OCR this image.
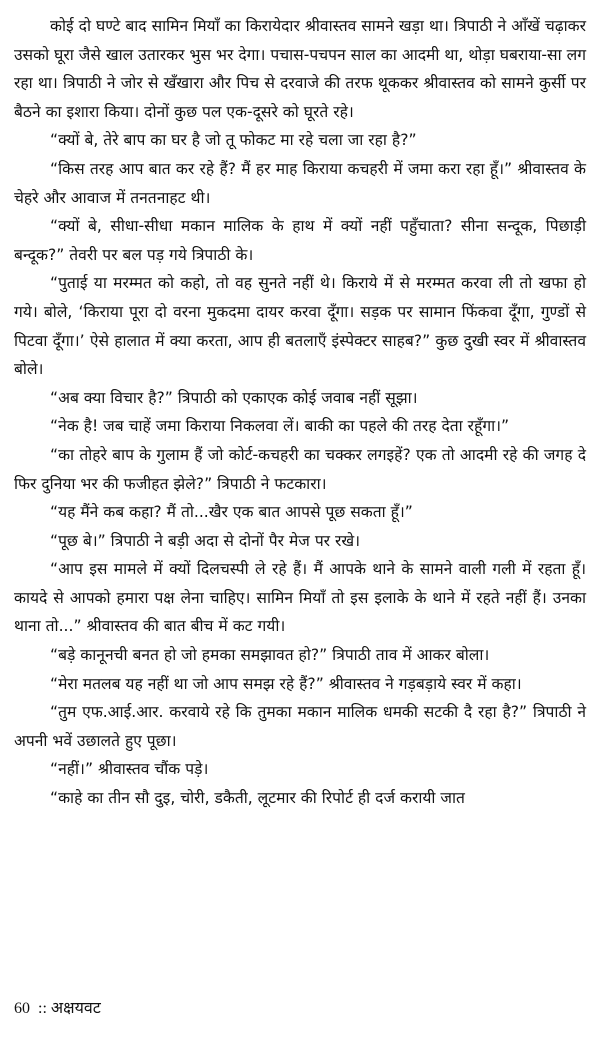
कोई दो घण्टे बाद सामिन मियाँ का किरायेदार श्रीवास्तव सामने खड़ा था। त्रिपाठी ने आँखें चढ़ाकर उसको घूरा जैसे खाल उतारकर भुस भर देगा। पचास-पचपन साल का आदमी था, थोड़ा घबराया-सा लग रहा था। त्रिपाठी ने जोर से खँखारा और पिच से दरवाजे की तरफ थूककर श्रीवास्तव को सामने कुर्सी पर बैठने का इशारा किया। दोनों कुछ पल एक-दूसरे को घूरते रहे।

“क्यों बे, तेरे बाप का घर है जो तू फोकट मा रहे चला जा रहा है?”

“किस तरह आप बात कर रहे हैं? मैं हर माह किराया कचहरी में जमा करा रहा हूँ।” श्रीवास्तव के चेहरे और आवाज में तनतनाहट थी।

“क्यों बे, सीधा-सीधा मकान मालिक के हाथ में क्यों नहीं पहुँचाता? सीना सन्दूक, पिछाड़ी बन्दूक?” तेवरी पर बल पड़ गये त्रिपाठी के।

“पुताई या मरम्मत को कहो, तो वह सुनते नहीं थे। किराये में से मरम्मत करवा ली तो खफा हो गये। बोले, ‘किराया पूरा दो वरना मुकदमा दायर करवा दूँगा। सड़क पर सामान फिंकवा दूँगा, गुण्डों से पिटवा दूँगा।’ ऐसे हालात में क्या करता, आप ही बतलाएँ इंस्पेक्टर साहब?” कुछ दुखी स्वर में श्रीवास्तव बोले।

“अब क्या विचार है?” त्रिपाठी को एकाएक कोई जवाब नहीं सूझा।

“नेक है! जब चाहें जमा किराया निकलवा लें। बाकी का पहले की तरह देता रहूँगा।”

“का तोहरे बाप के गुलाम हैं जो कोर्ट-कचहरी का चक्कर लगइहें? एक तो आदमी रहे की जगह दे फिर दुनिया भर की फजीहत झेले?” त्रिपाठी ने फटकारा।

“यह मैंने कब कहा? मैं तो...खैर एक बात आपसे पूछ सकता हूँ।”

“पूछ बे।” त्रिपाठी ने बड़ी अदा से दोनों पैर मेज पर रखे।

“आप इस मामले में क्यों दिलचस्पी ले रहे हैं। मैं आपके थाने के सामने वाली गली में रहता हूँ। कायदे से आपको हमारा पक्ष लेना चाहिए। सामिन मियाँ तो इस इलाके के थाने में रहते नहीं हैं। उनका थाना तो...” श्रीवास्तव की बात बीच में कट गयी।

“बड़े कानूनची बनत हो जो हमका समझावत हो?” त्रिपाठी ताव में आकर बोला।

“मेरा मतलब यह नहीं था जो आप समझ रहे हैं?” श्रीवास्तव ने गड़बड़ाये स्वर में कहा।

“तुम एफ.आई.आर. करवाये रहे कि तुमका मकान मालिक धमकी सटकी दै रहा है?” त्रिपाठी ने अपनी भवें उछालते हुए पूछा।

“नहीं।” श्रीवास्तव चौंक पड़े।

“काहे का तीन सौ दुइ, चोरी, डकैती, लूटमार की रिपोर्ट ही दर्ज करायी जात

60 :: अक्षयवट
